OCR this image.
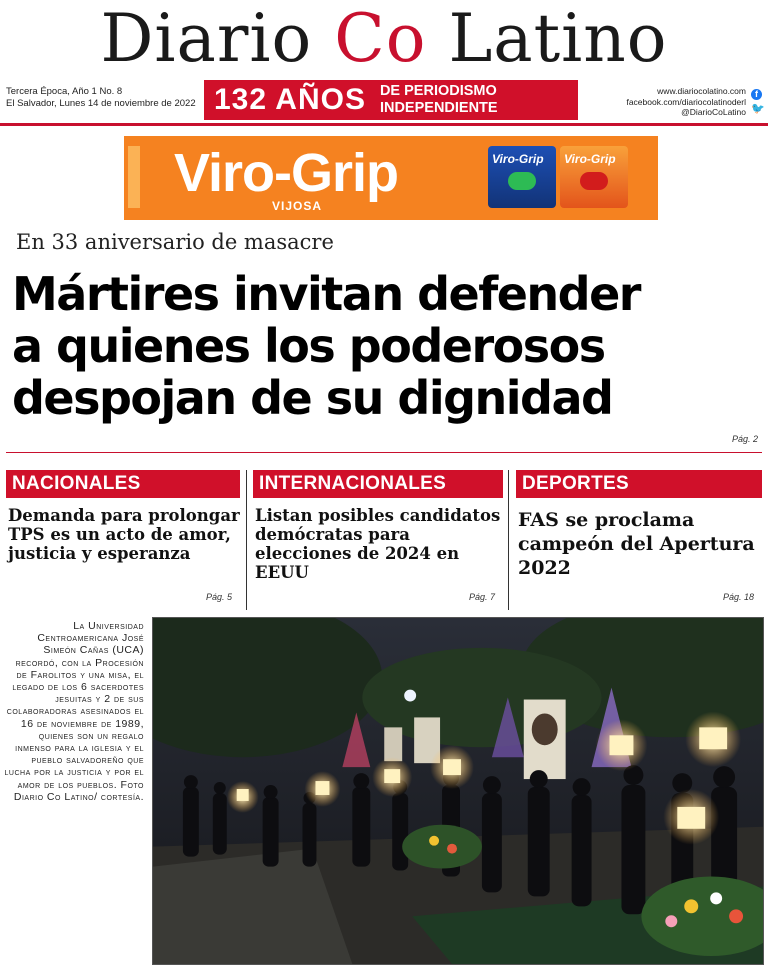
Diario Co Latino
Tercera Época, Año 1 No. 8
El Salvador, Lunes 14 de noviembre de 2022 132 AÑOS DE PERIODISMO
INDEPENDIENTE
www.diariocolatino.com
facebook.com/diariocolatinoderl
@DiarioCoLatino
f
🐦
Viro-Grip
VIJOSA
Viro-Grip Viro-Grip
En 33 aniversario de masacre
Mártires invitan defender
a quienes los poderosos
despojan de su dignidad
Pág. 2
NACIONALES
Demanda para prolongar TPS es un acto de amor, justicia y esperanza
Pág. 5
INTERNACIONALES
Listan posibles candidatos demócratas para elecciones de 2024 en EEUU
Pág. 7
DEPORTES
FAS se proclama campeón del Apertura 2022
Pág. 18
La Universidad Centroamericana José Simeón Cañas (UCA) recordó, con la Procesión de Farolitos y una misa, el legado de los 6 sacerdotes jesuitas y 2 de sus colaboradoras asesinados el 16 de noviembre de 1989, quienes son un regalo inmenso para la iglesia y el pueblo salvadoreño que lucha por la justicia y por el amor de los pueblos. Foto Diario Co Latino/ cortesía.
